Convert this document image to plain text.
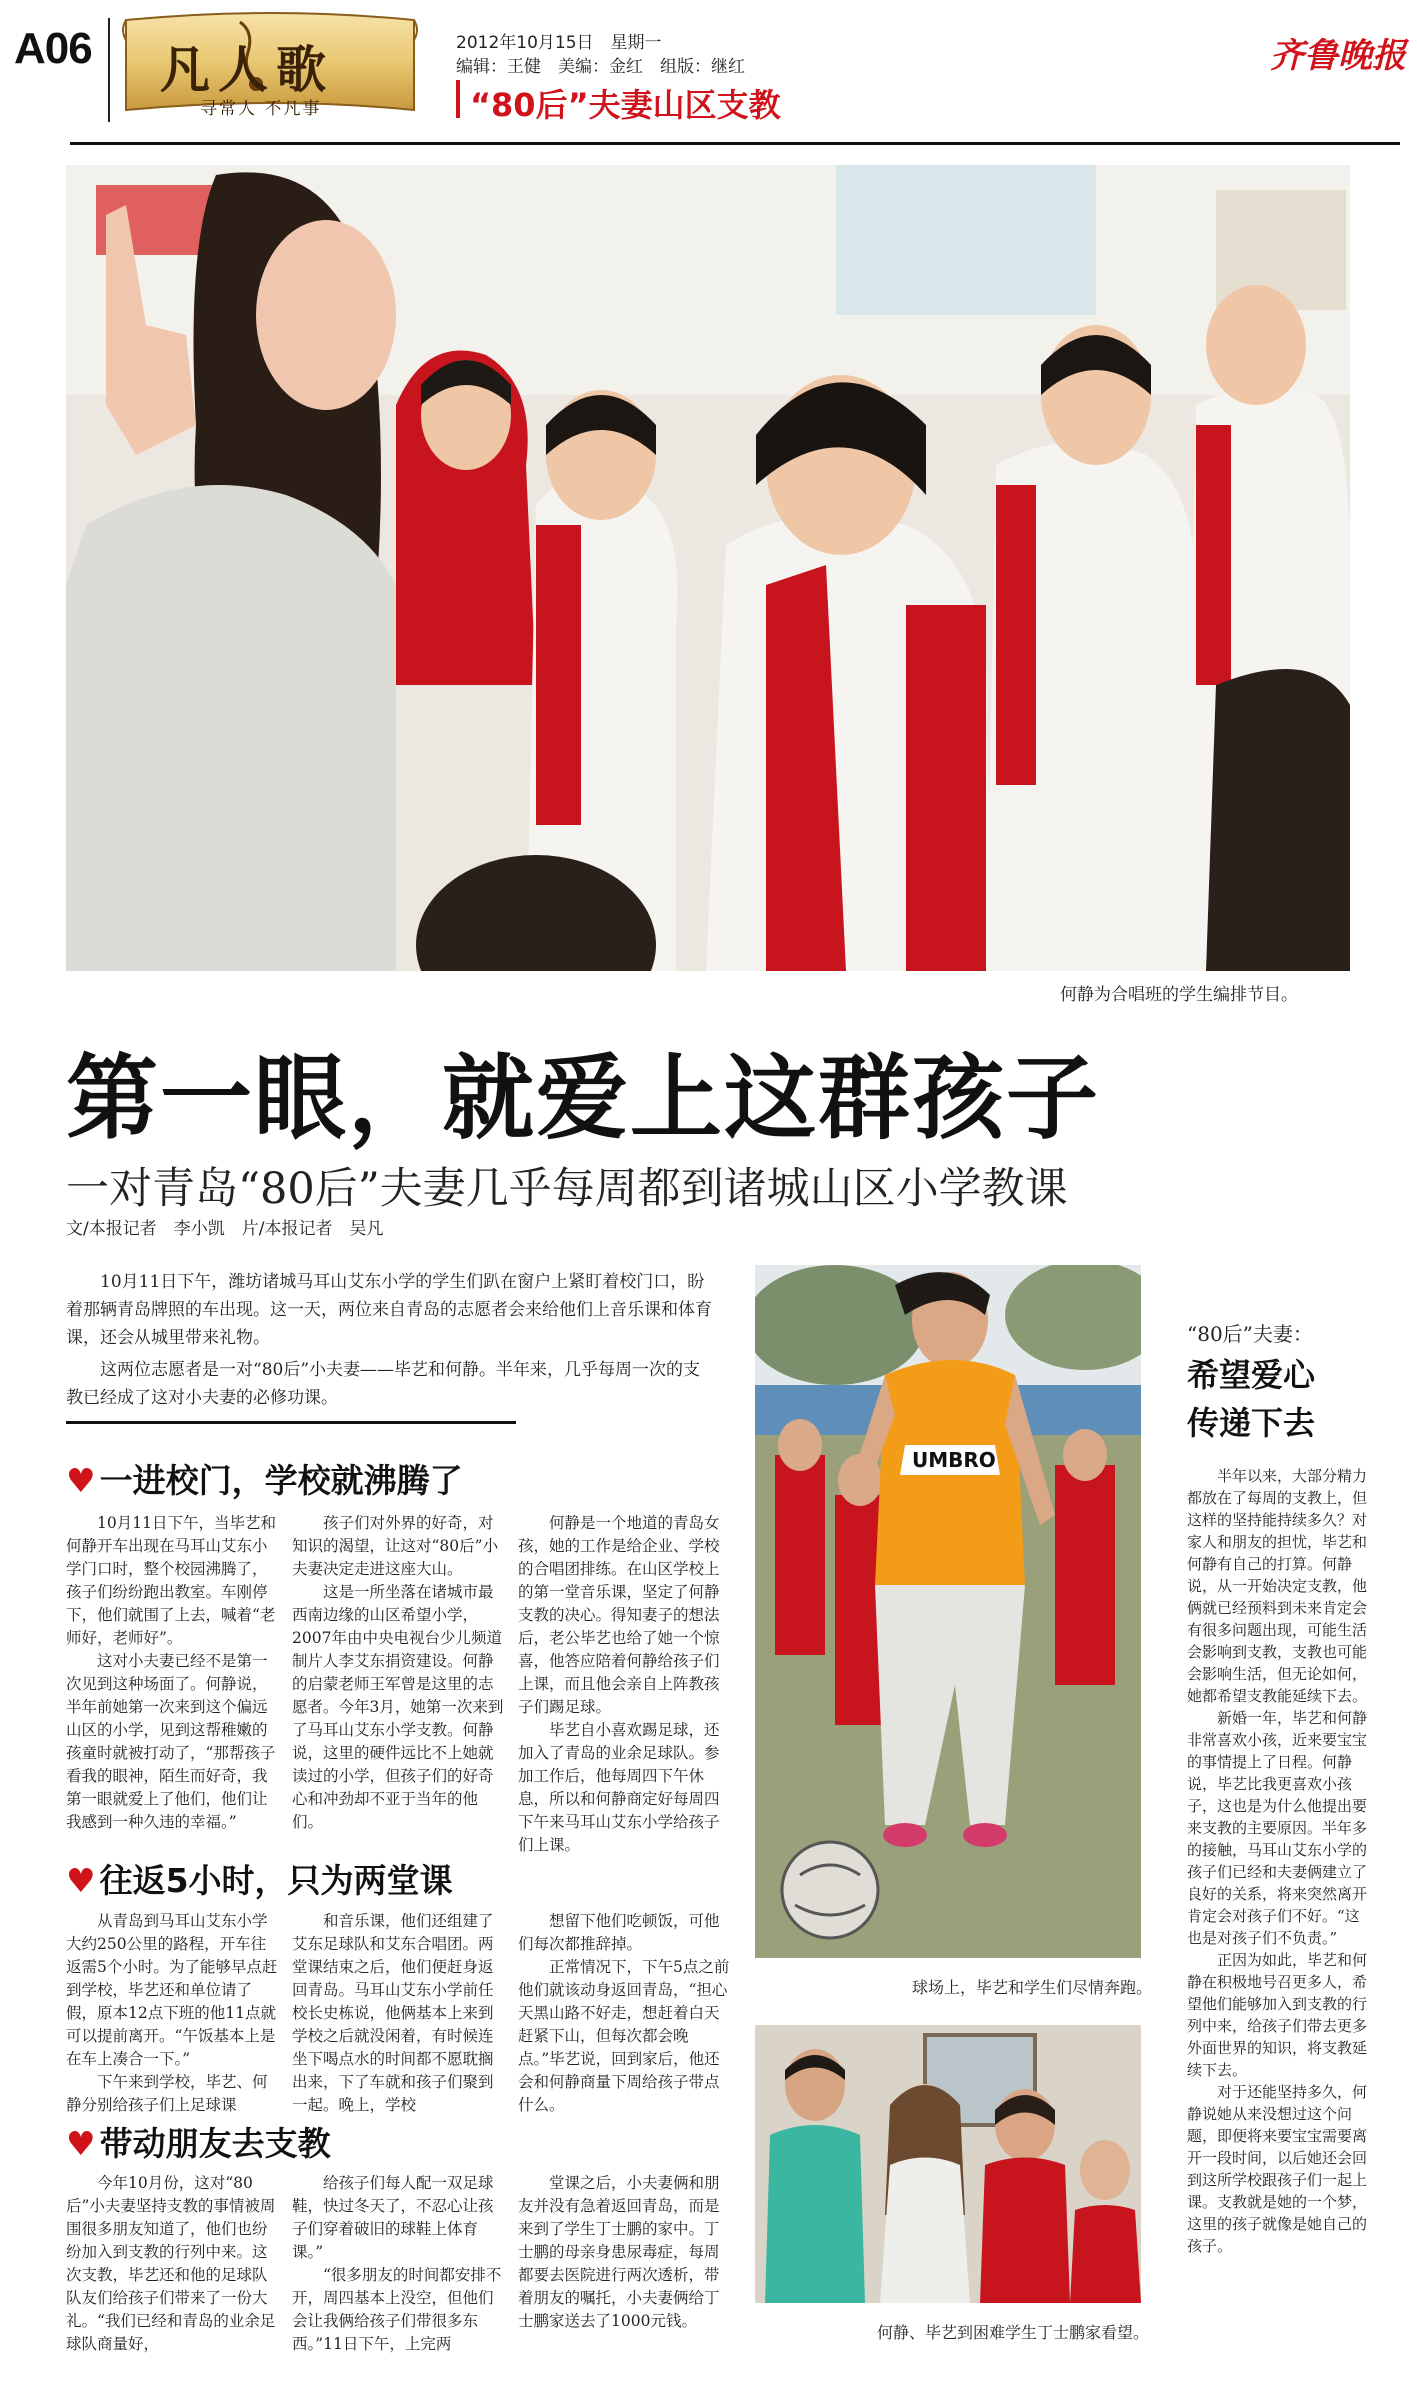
A06 凡人歌
寻常人 不凡事
2012年10月15日　星期一
编辑：王健　美编：金红　组版：继红
“80后”夫妻山区支教
齐鲁晚报
何静为合唱班的学生编排节目。
第一眼，就爱上这群孩子
一对青岛“80后”夫妻几乎每周都到诸城山区小学教课
文/本报记者　李小凯　片/本报记者　吴凡

10月11日下午，潍坊诸城马耳山艾东小学的学生们趴在窗户上紧盯着校门口，盼着那辆青岛牌照的车出现。这一天，两位来自青岛的志愿者会来给他们上音乐课和体育课，还会从城里带来礼物。

这两位志愿者是一对“80后”小夫妻——毕艺和何静。半年来，几乎每周一次的支教已经成了这对小夫妻的必修功课。

♥ 一进校门，学校就沸腾了

10月11日下午，当毕艺和何静开车出现在马耳山艾东小学门口时，整个校园沸腾了，孩子们纷纷跑出教室。车刚停下，他们就围了上去，喊着“老师好，老师好”。

这对小夫妻已经不是第一次见到这种场面了。何静说，半年前她第一次来到这个偏远山区的小学，见到这帮稚嫩的孩童时就被打动了，“那帮孩子看我的眼神，陌生而好奇，我第一眼就爱上了他们，他们让我感到一种久违的幸福。”

孩子们对外界的好奇，对知识的渴望，让这对“80后”小夫妻决定走进这座大山。

这是一所坐落在诸城市最西南边缘的山区希望小学，2007年由中央电视台少儿频道制片人李艾东捐资建设。何静的启蒙老师王军曾是这里的志愿者。今年3月，她第一次来到了马耳山艾东小学支教。何静说，这里的硬件远比不上她就读过的小学，但孩子们的好奇心和冲劲却不亚于当年的他们。

何静是一个地道的青岛女孩，她的工作是给企业、学校的合唱团排练。在山区学校上的第一堂音乐课，坚定了何静支教的决心。得知妻子的想法后，老公毕艺也给了她一个惊喜，他答应陪着何静给孩子们上课，而且他会亲自上阵教孩子们踢足球。

毕艺自小喜欢踢足球，还加入了青岛的业余足球队。参加工作后，他每周四下午休息，所以和何静商定好每周四下午来马耳山艾东小学给孩子们上课。

♥ 往返5小时，只为两堂课

从青岛到马耳山艾东小学大约250公里的路程，开车往返需5个小时。为了能够早点赶到学校，毕艺还和单位请了假，原本12点下班的他11点就可以提前离开。“午饭基本上是在车上凑合一下。”

下午来到学校，毕艺、何静分别给孩子们上足球课

和音乐课，他们还组建了艾东足球队和艾东合唱团。两堂课结束之后，他们便赶身返回青岛。马耳山艾东小学前任校长史栋说，他俩基本上来到学校之后就没闲着，有时候连坐下喝点水的时间都不愿耽搁出来，下了车就和孩子们聚到一起。晚上，学校

想留下他们吃顿饭，可他们每次都推辞掉。

正常情况下，下午5点之前他们就该动身返回青岛，“担心天黑山路不好走，想赶着白天赶紧下山，但每次都会晚点。”毕艺说，回到家后，他还会和何静商量下周给孩子带点什么。

♥ 带动朋友去支教

今年10月份，这对“80后”小夫妻坚持支教的事情被周围很多朋友知道了，他们也纷纷加入到支教的行列中来。这次支教，毕艺还和他的足球队队友们给孩子们带来了一份大礼。“我们已经和青岛的业余足球队商量好，

给孩子们每人配一双足球鞋，快过冬天了，不忍心让孩子们穿着破旧的球鞋上体育课。”

“很多朋友的时间都安排不开，周四基本上没空，但他们会让我俩给孩子们带很多东西。”11日下午，上完两

堂课之后，小夫妻俩和朋友并没有急着返回青岛，而是来到了学生丁士鹏的家中。丁士鹏的母亲身患尿毒症，每周都要去医院进行两次透析，带着朋友的嘱托，小夫妻俩给丁士鹏家送去了1000元钱。

UMBRO
球场上，毕艺和学生们尽情奔跑。
何静、毕艺到困难学生丁士鹏家看望。
“80后”夫妻：
希望爱心
传递下去

半年以来，大部分精力都放在了每周的支教上，但这样的坚持能持续多久？对家人和朋友的担忧，毕艺和何静有自己的打算。何静说，从一开始决定支教，他俩就已经预料到未来肯定会有很多问题出现，可能生活会影响到支教，支教也可能会影响生活，但无论如何，她都希望支教能延续下去。

新婚一年，毕艺和何静非常喜欢小孩，近来要宝宝的事情提上了日程。何静说，毕艺比我更喜欢小孩子，这也是为什么他提出要来支教的主要原因。半年多的接触，马耳山艾东小学的孩子们已经和夫妻俩建立了良好的关系，将来突然离开肯定会对孩子们不好。“这也是对孩子们不负责。”

正因为如此，毕艺和何静在积极地号召更多人，希望他们能够加入到支教的行列中来，给孩子们带去更多外面世界的知识，将支教延续下去。

对于还能坚持多久，何静说她从来没想过这个问题，即便将来要宝宝需要离开一段时间，以后她还会回到这所学校跟孩子们一起上课。支教就是她的一个梦，这里的孩子就像是她自己的孩子。
